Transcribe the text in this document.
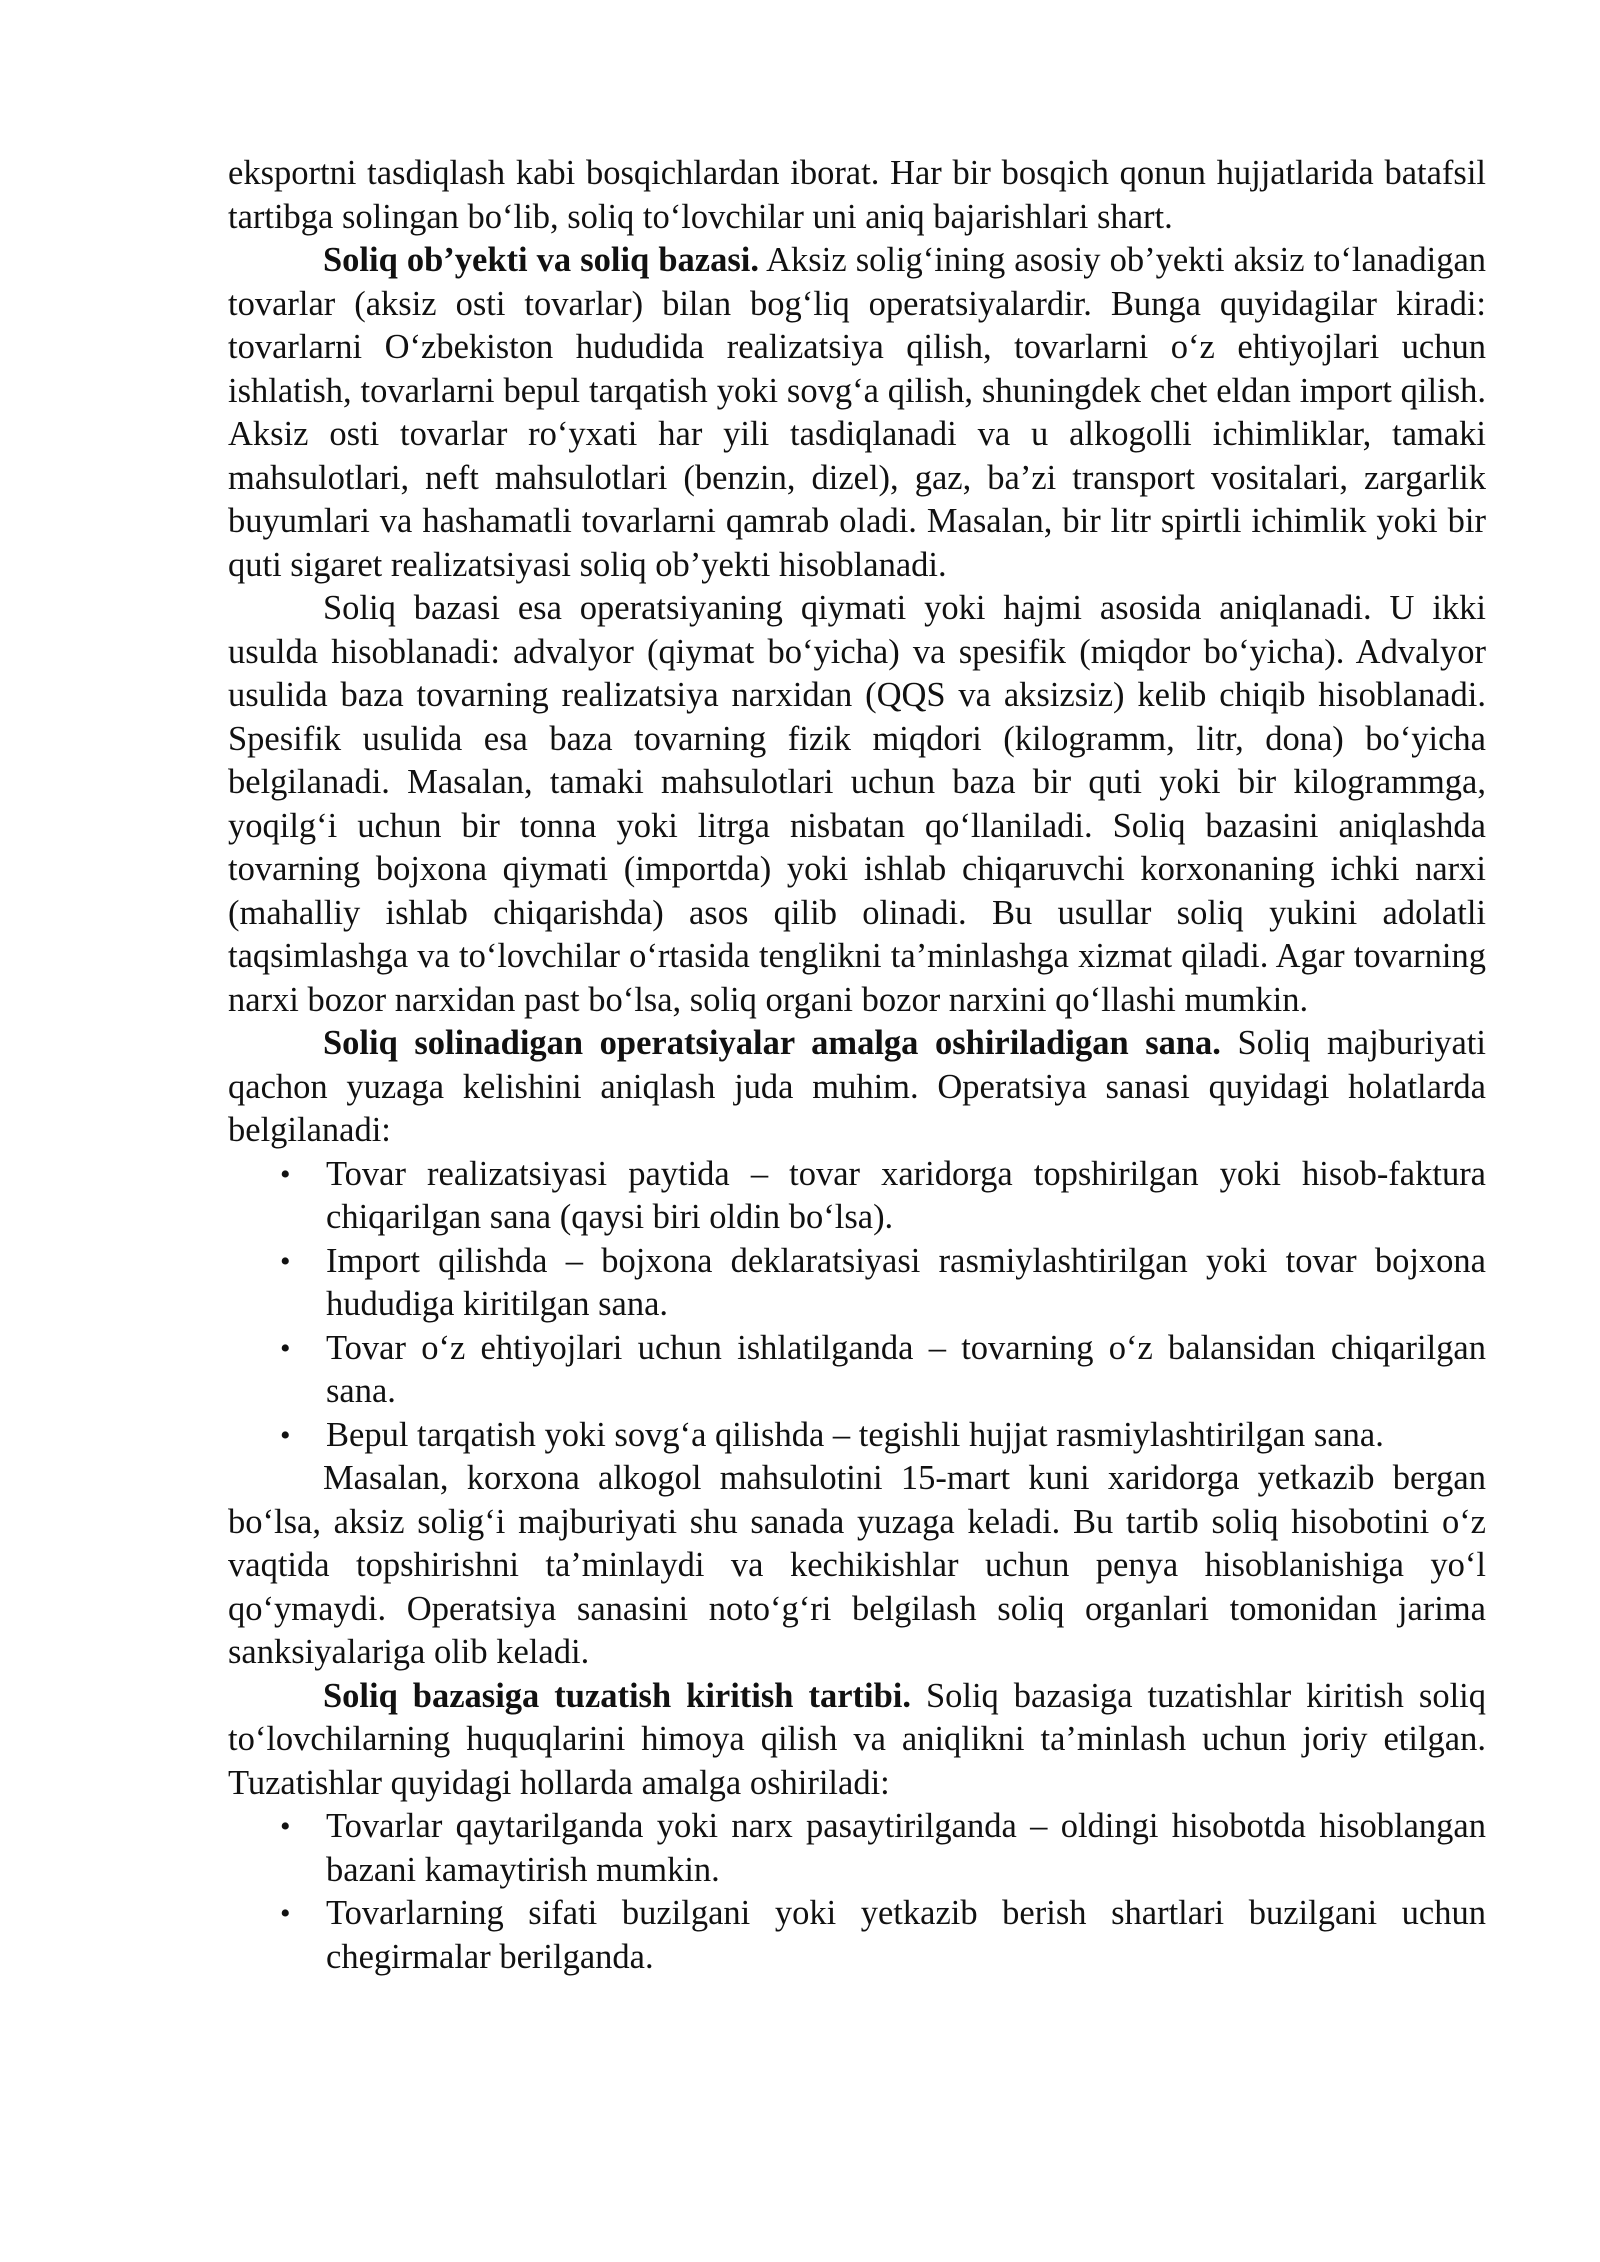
eksportni tasdiqlash kabi bosqichlardan iborat. Har bir bosqich qonun hujjatlarida batafsil tartibga solingan bo‘lib, soliq to‘lovchilar uni aniq bajarishlari shart.

Soliq ob’yekti va soliq bazasi. Aksiz solig‘ining asosiy ob’yekti aksiz to‘lanadigan tovarlar (aksiz osti tovarlar) bilan bog‘liq operatsiyalardir. Bunga quyidagilar kiradi: tovarlarni O‘zbekiston hududida realizatsiya qilish, tovarlarni o‘z ehtiyojlari uchun ishlatish, tovarlarni bepul tarqatish yoki sovg‘a qilish, shuningdek chet eldan import qilish. Aksiz osti tovarlar ro‘yxati har yili tasdiqlanadi va u alkogolli ichimliklar, tamaki mahsulotlari, neft mahsulotlari (benzin, dizel), gaz, ba’zi transport vositalari, zargarlik buyumlari va hashamatli tovarlarni qamrab oladi. Masalan, bir litr spirtli ichimlik yoki bir quti sigaret realizatsiyasi soliq ob’yekti hisoblanadi.

Soliq bazasi esa operatsiyaning qiymati yoki hajmi asosida aniqlanadi. U ikki usulda hisoblanadi: advalyor (qiymat bo‘yicha) va spesifik (miqdor bo‘yicha). Advalyor usulida baza tovarning realizatsiya narxidan (QQS va aksizsiz) kelib chiqib hisoblanadi. Spesifik usulida esa baza tovarning fizik miqdori (kilogramm, litr, dona) bo‘yicha belgilanadi. Masalan, tamaki mahsulotlari uchun baza bir quti yoki bir kilogrammga, yoqilg‘i uchun bir tonna yoki litrga nisbatan qo‘llaniladi. Soliq bazasini aniqlashda tovarning bojxona qiymati (importda) yoki ishlab chiqaruvchi korxonaning ichki narxi (mahalliy ishlab chiqarishda) asos qilib olinadi. Bu usullar soliq yukini adolatli taqsimlashga va to‘lovchilar o‘rtasida tenglikni ta’minlashga xizmat qiladi. Agar tovarning narxi bozor narxidan past bo‘lsa, soliq organi bozor narxini qo‘llashi mumkin.

Soliq solinadigan operatsiyalar amalga oshiriladigan sana. Soliq majburiyati qachon yuzaga kelishini aniqlash juda muhim. Operatsiya sanasi quyidagi holatlarda belgilanadi:

• Tovar realizatsiyasi paytida – tovar xaridorga topshirilgan yoki hisob-faktura chiqarilgan sana (qaysi biri oldin bo‘lsa).
• Import qilishda – bojxona deklaratsiyasi rasmiylashtirilgan yoki tovar bojxona hududiga kiritilgan sana.
• Tovar o‘z ehtiyojlari uchun ishlatilganda – tovarning o‘z balansidan chiqarilgan sana.
• Bepul tarqatish yoki sovg‘a qilishda – tegishli hujjat rasmiylashtirilgan sana.

Masalan, korxona alkogol mahsulotini 15-mart kuni xaridorga yetkazib bergan bo‘lsa, aksiz solig‘i majburiyati shu sanada yuzaga keladi. Bu tartib soliq hisobotini o‘z vaqtida topshirishni ta’minlaydi va kechikishlar uchun penya hisoblanishiga yo‘l qo‘ymaydi. Operatsiya sanasini noto‘g‘ri belgilash soliq organlari tomonidan jarima sanksiyalariga olib keladi.

Soliq bazasiga tuzatish kiritish tartibi. Soliq bazasiga tuzatishlar kiritish soliq to‘lovchilarning huquqlarini himoya qilish va aniqlikni ta’minlash uchun joriy etilgan. Tuzatishlar quyidagi hollarda amalga oshiriladi:

• Tovarlar qaytarilganda yoki narx pasaytirilganda – oldingi hisobotda hisoblangan bazani kamaytirish mumkin.
• Tovarlarning sifati buzilgani yoki yetkazib berish shartlari buzilgani uchun chegirmalar berilganda.
